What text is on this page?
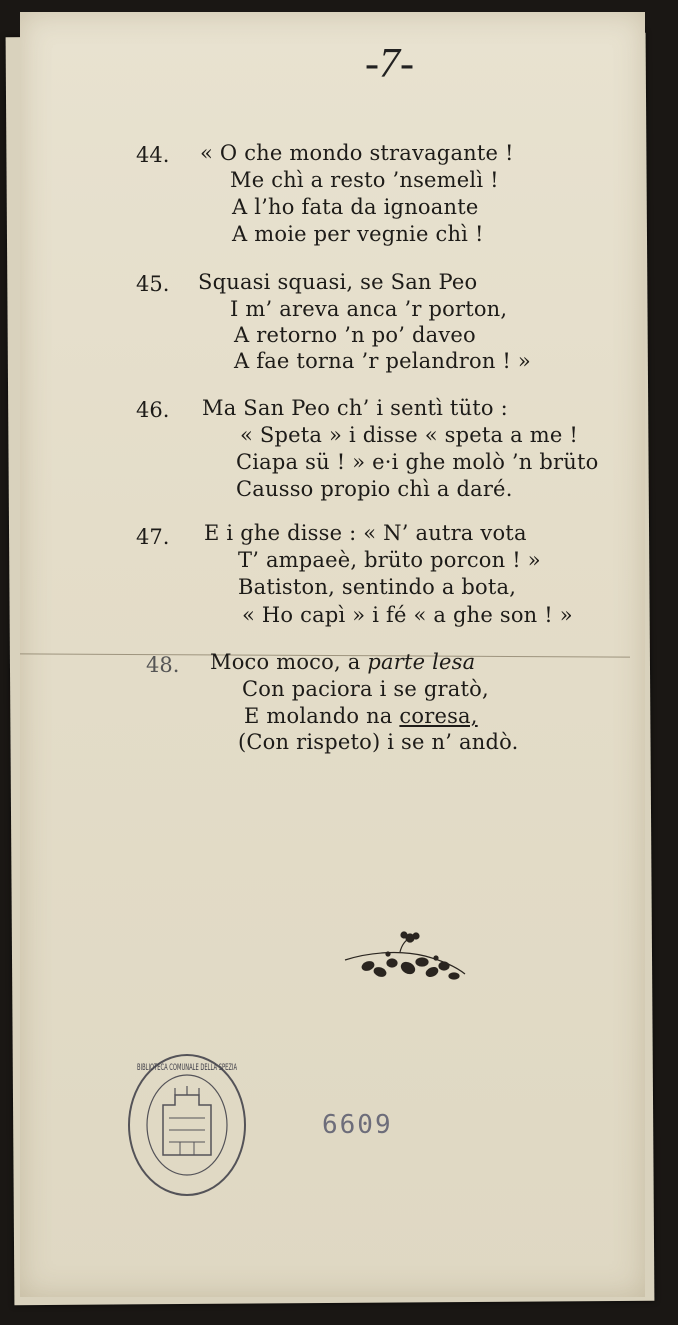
-7-
44. « O che mondo stravagante !
Me chì a resto ’nsemelì !
A l’ho fata da ignoante
A moie per vegnie chì !
45. Squasi squasi, se San Peo
I m’ areva anca ’r porton,
A retorno ’n po’ daveo
A fae torna ’r pelandron ! »
46. Ma San Peo ch’ i sentì tüto :
« Speta » i disse « speta a me !
Ciapa sü ! » e·i ghe molò ’n brüto
Causso propio chì a daré.
47. E i ghe disse : « N’ autra vota
T’ ampaeè, brüto porcon ! »
Batiston, sentindo a bota,
« Ho capì » i fé « a ghe son ! »
48. Moco moco, a parte lesa
Con paciora i se gratò,
E molando na coresa,
(Con rispeto) i se n’ andò.
BIBLIOTECA COMUNALE DELLA SPEZIA
6609
